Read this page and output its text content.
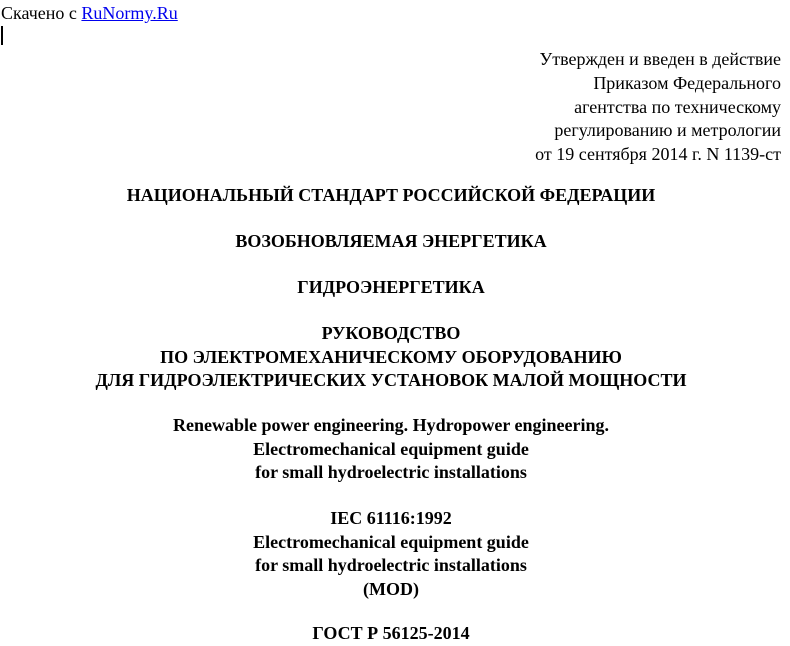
Скачено с RuNormy.Ru
Утвержден и введен в действие
Приказом Федерального
агентства по техническому
регулированию и метрологии
от 19 сентября 2014 г. N 1139-ст
НАЦИОНАЛЬНЫЙ СТАНДАРТ РОССИЙСКОЙ ФЕДЕРАЦИИ
ВОЗОБНОВЛЯЕМАЯ ЭНЕРГЕТИКА
ГИДРОЭНЕРГЕТИКА
РУКОВОДСТВО
ПО ЭЛЕКТРОМЕХАНИЧЕСКОМУ ОБОРУДОВАНИЮ
ДЛЯ ГИДРОЭЛЕКТРИЧЕСКИХ УСТАНОВОК МАЛОЙ МОЩНОСТИ
Renewable power engineering. Hydropower engineering.
Electromechanical equipment guide
for small hydroelectric installations
IEC 61116:1992
Electromechanical equipment guide
for small hydroelectric installations
(MOD)
ГОСТ Р 56125-2014
